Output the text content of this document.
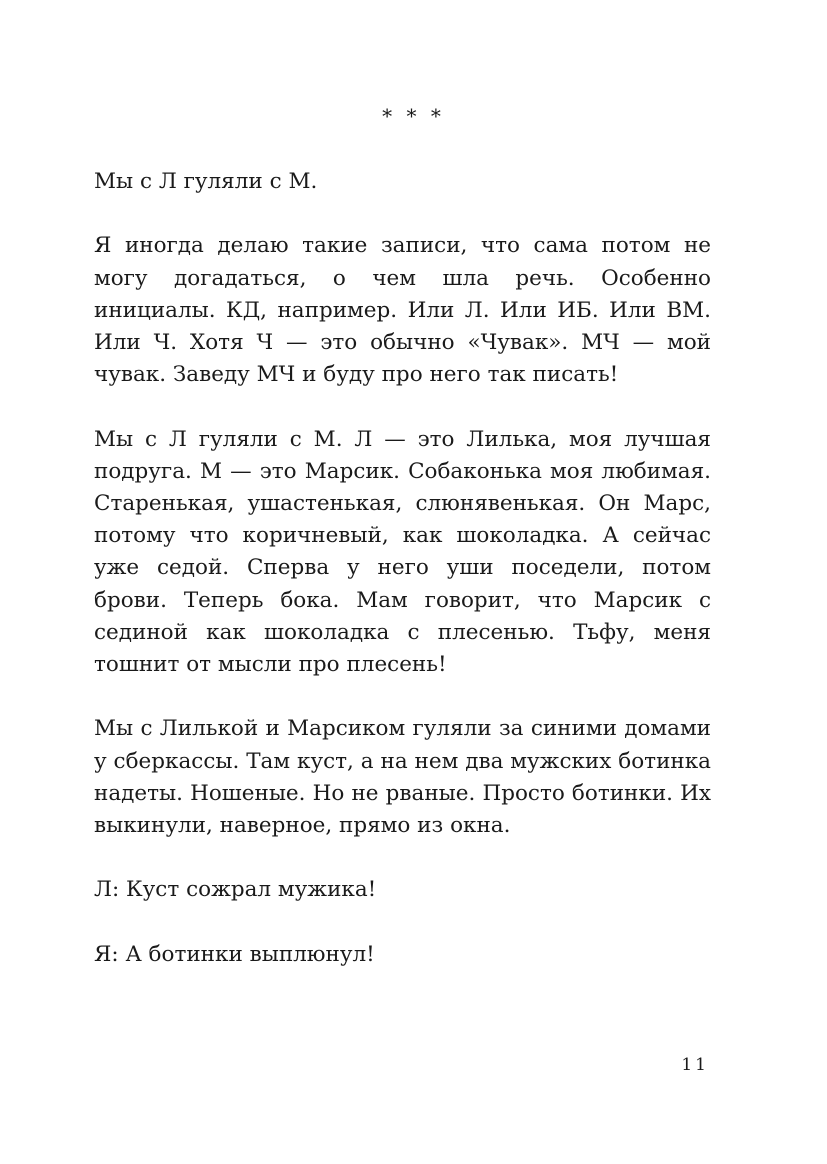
* * *

Мы с Л гуляли с М.

Я иногда делаю такие записи, что сама потом не могу догадаться, о чем шла речь. Особенно инициалы. КД, например. Или Л. Или ИБ. Или ВМ. Или Ч. Хотя Ч — это обычно «Чувак». МЧ — мой чувак. Заведу МЧ и буду про него так писать!

Мы с Л гуляли с М. Л — это Лилька, моя лучшая подруга. М — это Марсик. Собаконька моя любимая. Старенькая, ушастенькая, слюнявенькая. Он Марс, потому что коричневый, как шоколадка. А сейчас уже седой. Сперва у него уши поседели, потом брови. Теперь бока. Мам говорит, что Марсик с сединой как шоколадка с плесенью. Тьфу, меня тошнит от мысли про плесень!

Мы с Лилькой и Марсиком гуляли за синими домами у сберкассы. Там куст, а на нем два мужских ботинка надеты. Ношеные. Но не рваные. Просто ботинки. Их выкинули, наверное, прямо из окна.

Л: Куст сожрал мужика!

Я: А ботинки выплюнул!

11
